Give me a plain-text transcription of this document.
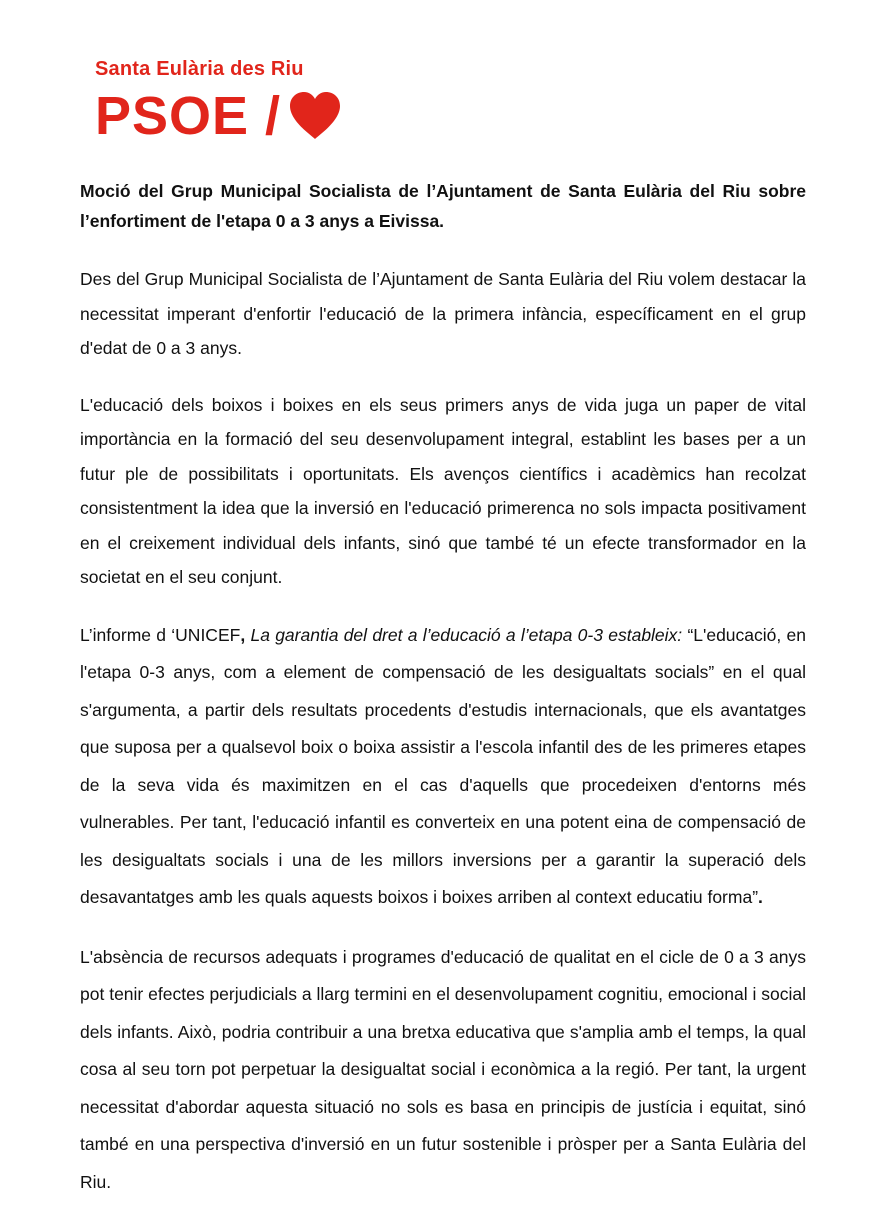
Santa Eulària des Riu
PSOE /

Moció del Grup Municipal Socialista de l’Ajuntament de Santa Eulària del Riu sobre l’enfortiment de l'etapa 0 a 3 anys a Eivissa.

Des del Grup Municipal Socialista de l’Ajuntament de Santa Eulària del Riu volem destacar la necessitat imperant d'enfortir l'educació de la primera infància, específicament en el grup d'edat de 0 a 3 anys.

L'educació dels boixos i boixes en els seus primers anys de vida juga un paper de vital importància en la formació del seu desenvolupament integral, establint les bases per a un futur ple de possibilitats i oportunitats. Els avenços científics i acadèmics han recolzat consistentment la idea que la inversió en l'educació primerenca no sols impacta positivament en el creixement individual dels infants, sinó que també té un efecte transformador en la societat en el seu conjunt.

L’informe d ‘UNICEF, La garantia del dret a l’educació a l’etapa 0-3 estableix: “L'educació, en l'etapa 0-3 anys, com a element de compensació de les desigualtats socials” en el qual s'argumenta, a partir dels resultats procedents d'estudis internacionals, que els avantatges que suposa per a qualsevol boix o boixa assistir a l'escola infantil des de les primeres etapes de la seva vida és maximitzen en el cas d'aquells que procedeixen d'entorns més vulnerables. Per tant, l'educació infantil es converteix en una potent eina de compensació de les desigualtats socials i una de les millors inversions per a garantir la superació dels desavantatges amb les quals aquests boixos i boixes arriben al context educatiu forma”.

L'absència de recursos adequats i programes d'educació de qualitat en el cicle de 0 a 3 anys pot tenir efectes perjudicials a llarg termini en el desenvolupament cognitiu, emocional i social dels infants. Això, podria contribuir a una bretxa educativa que s'amplia amb el temps, la qual cosa al seu torn pot perpetuar la desigualtat social i econòmica a la regió. Per tant, la urgent necessitat d'abordar aquesta situació no sols es basa en principis de justícia i equitat, sinó també en una perspectiva d'inversió en un futur sostenible i pròsper per a Santa Eulària del Riu.
